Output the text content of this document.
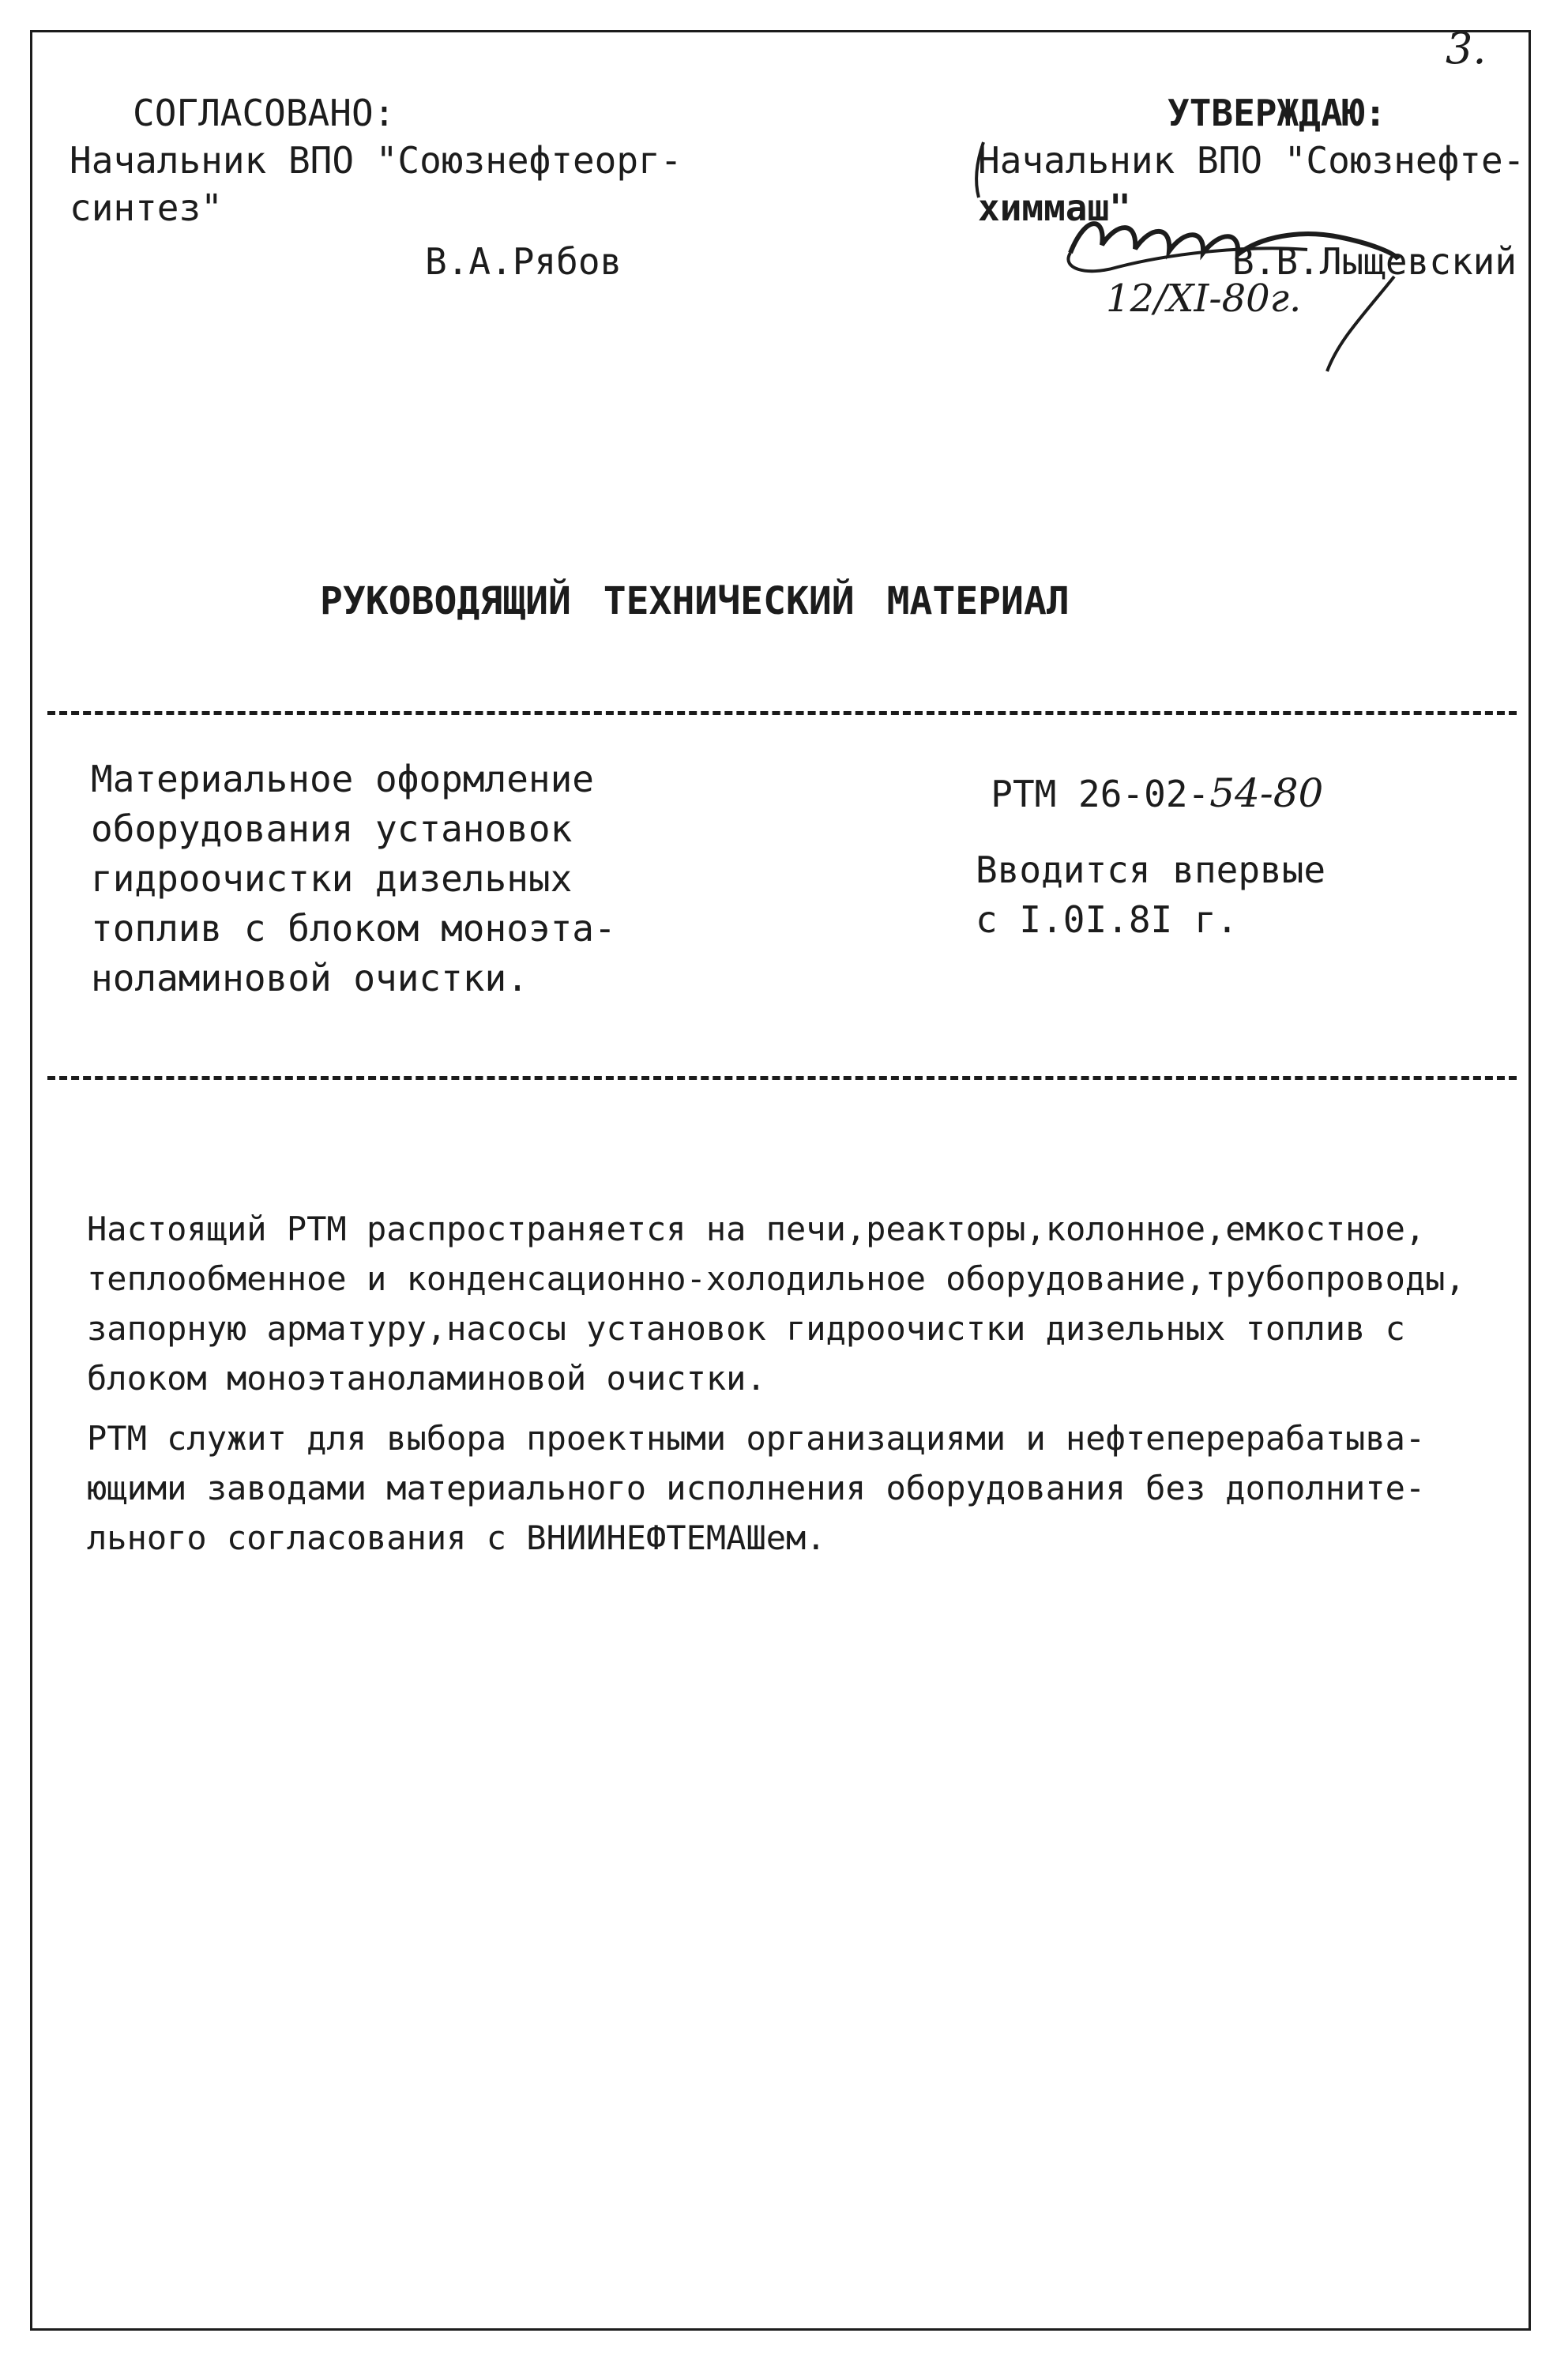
3.
СОГЛАСОВАНО:
Начальник ВПО "Союзнефтеорг-
синтез"
В.А.Рябов
УТВЕРЖДАЮ:
Начальник ВПО "Союзнефте-
химмаш"
В.В.Лыщевский
12/XI-80г.
РУКОВОДЯЩИЙ ТЕХНИЧЕСКИЙ МАТЕРИАЛ
Материальное оформление
оборудования установок
гидроочистки дизельных
топлив с блоком моноэта-
ноламиновой очистки.

РТМ 26-02-54-80

Вводится впервые
с I.0I.8I г.
Настоящий РТМ распространяется на печи,реакторы,колонное,емкостное,
теплообменное и конденсационно-холодильное оборудование,трубопроводы,
запорную арматуру,насосы установок гидроочистки дизельных топлив с
блоком моноэтаноламиновой очистки.
РТМ служит для выбора проектными организациями и нефтеперерабатыва-
ющими заводами материального исполнения оборудования без дополните-
льного согласования с ВНИИНЕФТЕМАШем.
